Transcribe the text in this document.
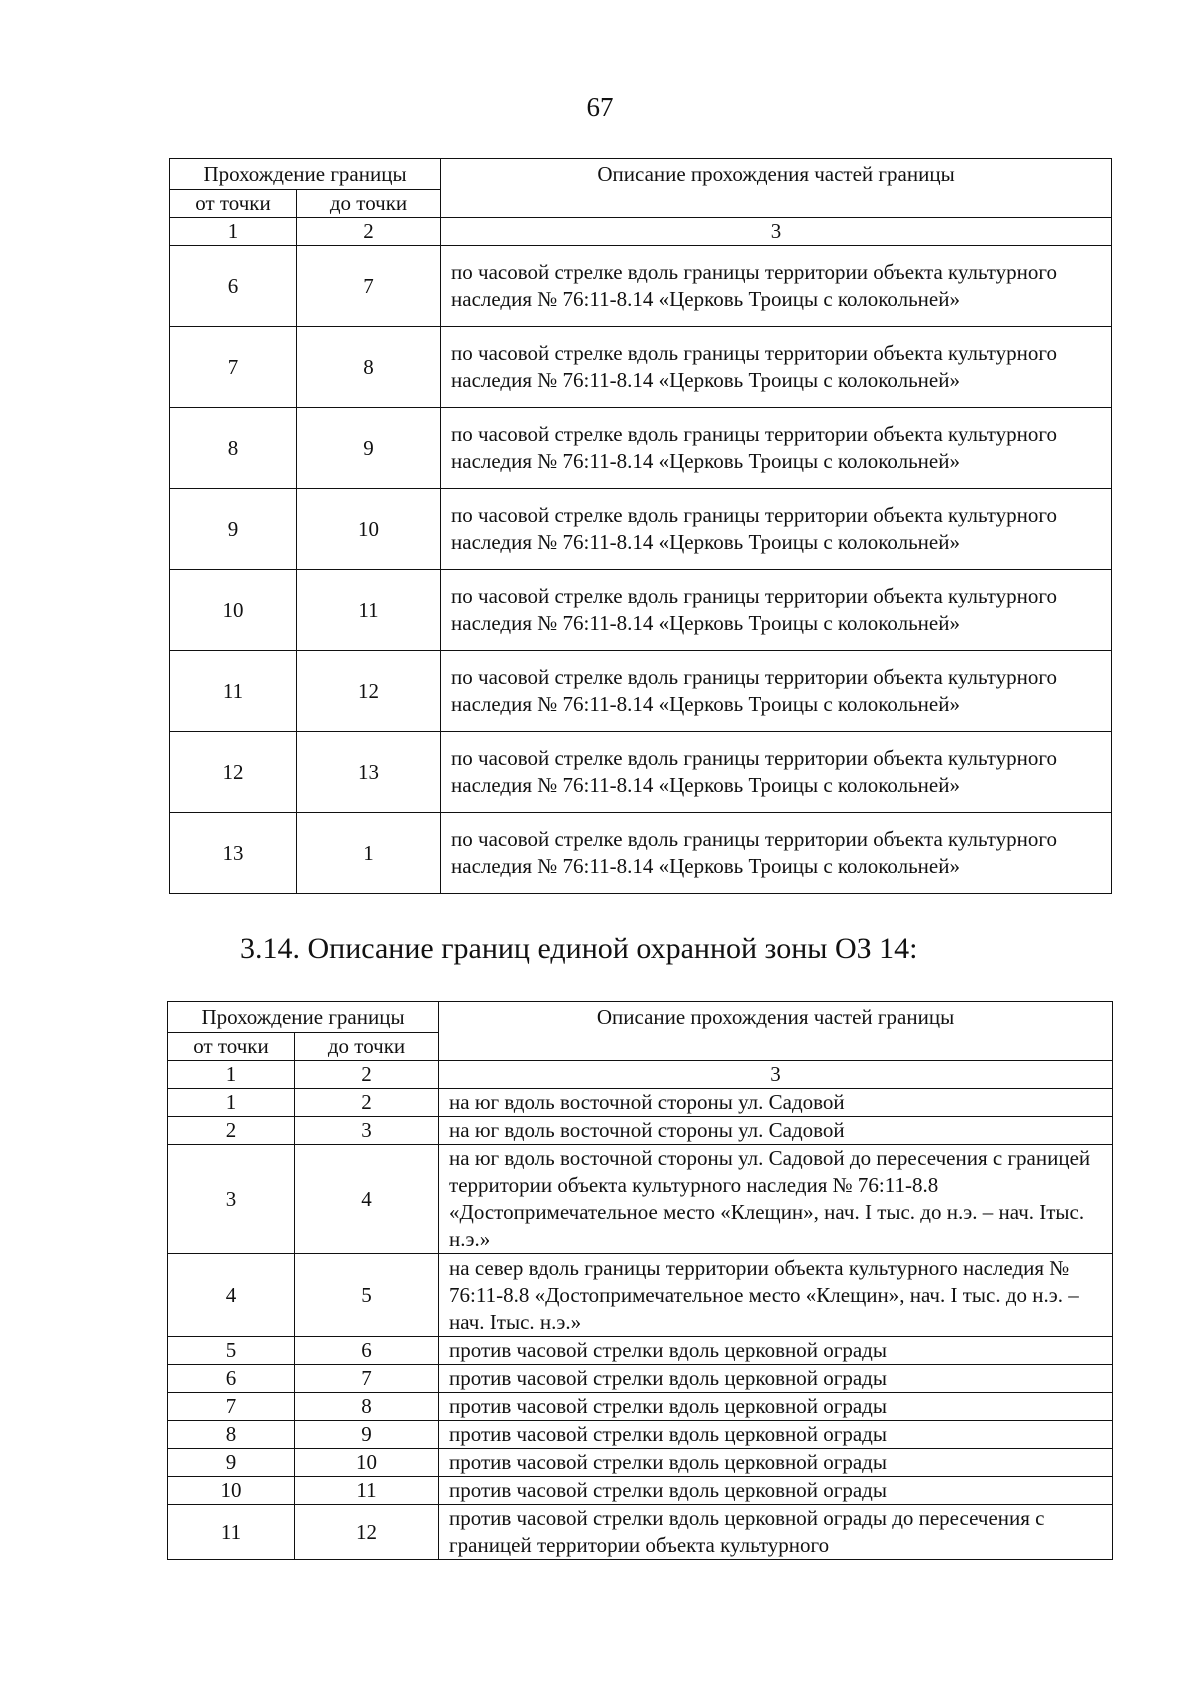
67
Прохождение границы		Описание прохождения частей границы
от точки	до точки	
1	2	3
6	7	по часовой стрелке вдоль границы территории объекта культурного наследия № 76:11-8.14 «Церковь Троицы с колокольней»
7	8	по часовой стрелке вдоль границы территории объекта культурного наследия № 76:11-8.14 «Церковь Троицы с колокольней»
8	9	по часовой стрелке вдоль границы территории объекта культурного наследия № 76:11-8.14 «Церковь Троицы с колокольней»
9	10	по часовой стрелке вдоль границы территории объекта культурного наследия № 76:11-8.14 «Церковь Троицы с колокольней»
10	11	по часовой стрелке вдоль границы территории объекта культурного наследия № 76:11-8.14 «Церковь Троицы с колокольней»
11	12	по часовой стрелке вдоль границы территории объекта культурного наследия № 76:11-8.14 «Церковь Троицы с колокольней»
12	13	по часовой стрелке вдоль границы территории объекта культурного наследия № 76:11-8.14 «Церковь Троицы с колокольней»
13	1	по часовой стрелке вдоль границы территории объекта культурного наследия № 76:11-8.14 «Церковь Троицы с колокольней»
3.14. Описание границ единой охранной зоны ОЗ 14:
Прохождение границы		Описание прохождения частей границы
от точки	до точки	
1	2	3
1	2	на юг вдоль восточной стороны ул. Садовой
2	3	на юг вдоль восточной стороны ул. Садовой
3	4	на юг вдоль восточной стороны ул. Садовой до пересечения с границей территории объекта культурного наследия № 76:11-8.8 «Достопримечательное место «Клещин», нач. I тыс. до н.э. – нач. Iтыс. н.э.»
4	5	на север вдоль границы территории объекта культурного наследия № 76:11-8.8 «Достопримечательное место «Клещин», нач. I тыс. до н.э. – нач. Iтыс. н.э.»
5	6	против часовой стрелки вдоль церковной ограды
6	7	против часовой стрелки вдоль церковной ограды
7	8	против часовой стрелки вдоль церковной ограды
8	9	против часовой стрелки вдоль церковной ограды
9	10	против часовой стрелки вдоль церковной ограды
10	11	против часовой стрелки вдоль церковной ограды
11	12	против часовой стрелки вдоль церковной ограды до пересечения с границей территории объекта культурного
